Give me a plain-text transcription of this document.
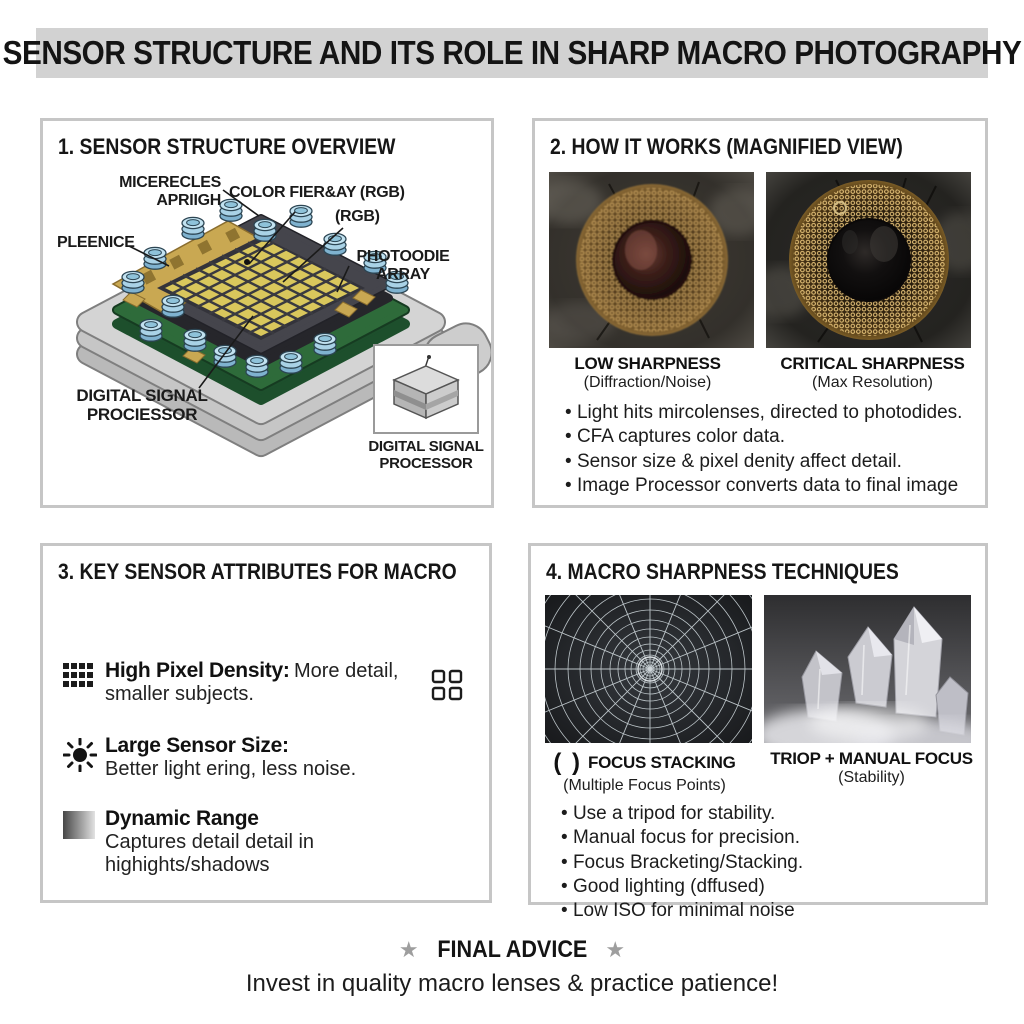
SENSOR STRUCTURE AND ITS ROLE IN SHARP MACRO PHOTOGRAPHY
1. SENSOR STRUCTURE OVERVIEW
MICERECLES
APRIIGH COLOR FIER&AY (RGB)
(RGB)
PLEENICE
PHOTOODIE
ARRAY
DIGITAL SIGNAL
PROCIESSOR
DIGITAL SIGNAL
PROCESSOR
2. HOW IT WORKS (MAGNIFIED VIEW)
LOW SHARPNESS
(Diffraction/Noise)
CRITICAL SHARPNESS
(Max Resolution)
• Light hits mircolenses, directed to photodides.
• CFA captures color data.
• Sensor size & pixel denity affect detail.
• Image Processor converts data to final image
3. KEY SENSOR ATTRIBUTES FOR MACRO
High Pixel Density: More detail,
smaller subjects.
Large Sensor Size:
Better light ering, less noise.
Dynamic Range
Captures detail detail in highights/shadows
4. MACRO SHARPNESS TECHNIQUES
( ) FOCUS STACKING
(Multiple Focus Points)
TRIOP + MANUAL FOCUS
(Stability)
• Use a tripod for stability.
• Manual focus for precision.
• Focus Bracketing/Stacking.
• Good lighting (dffused)
• Low ISO for minimal noise
★ FINAL ADVICE ★
Invest in quality macro lenses & practice patience!
